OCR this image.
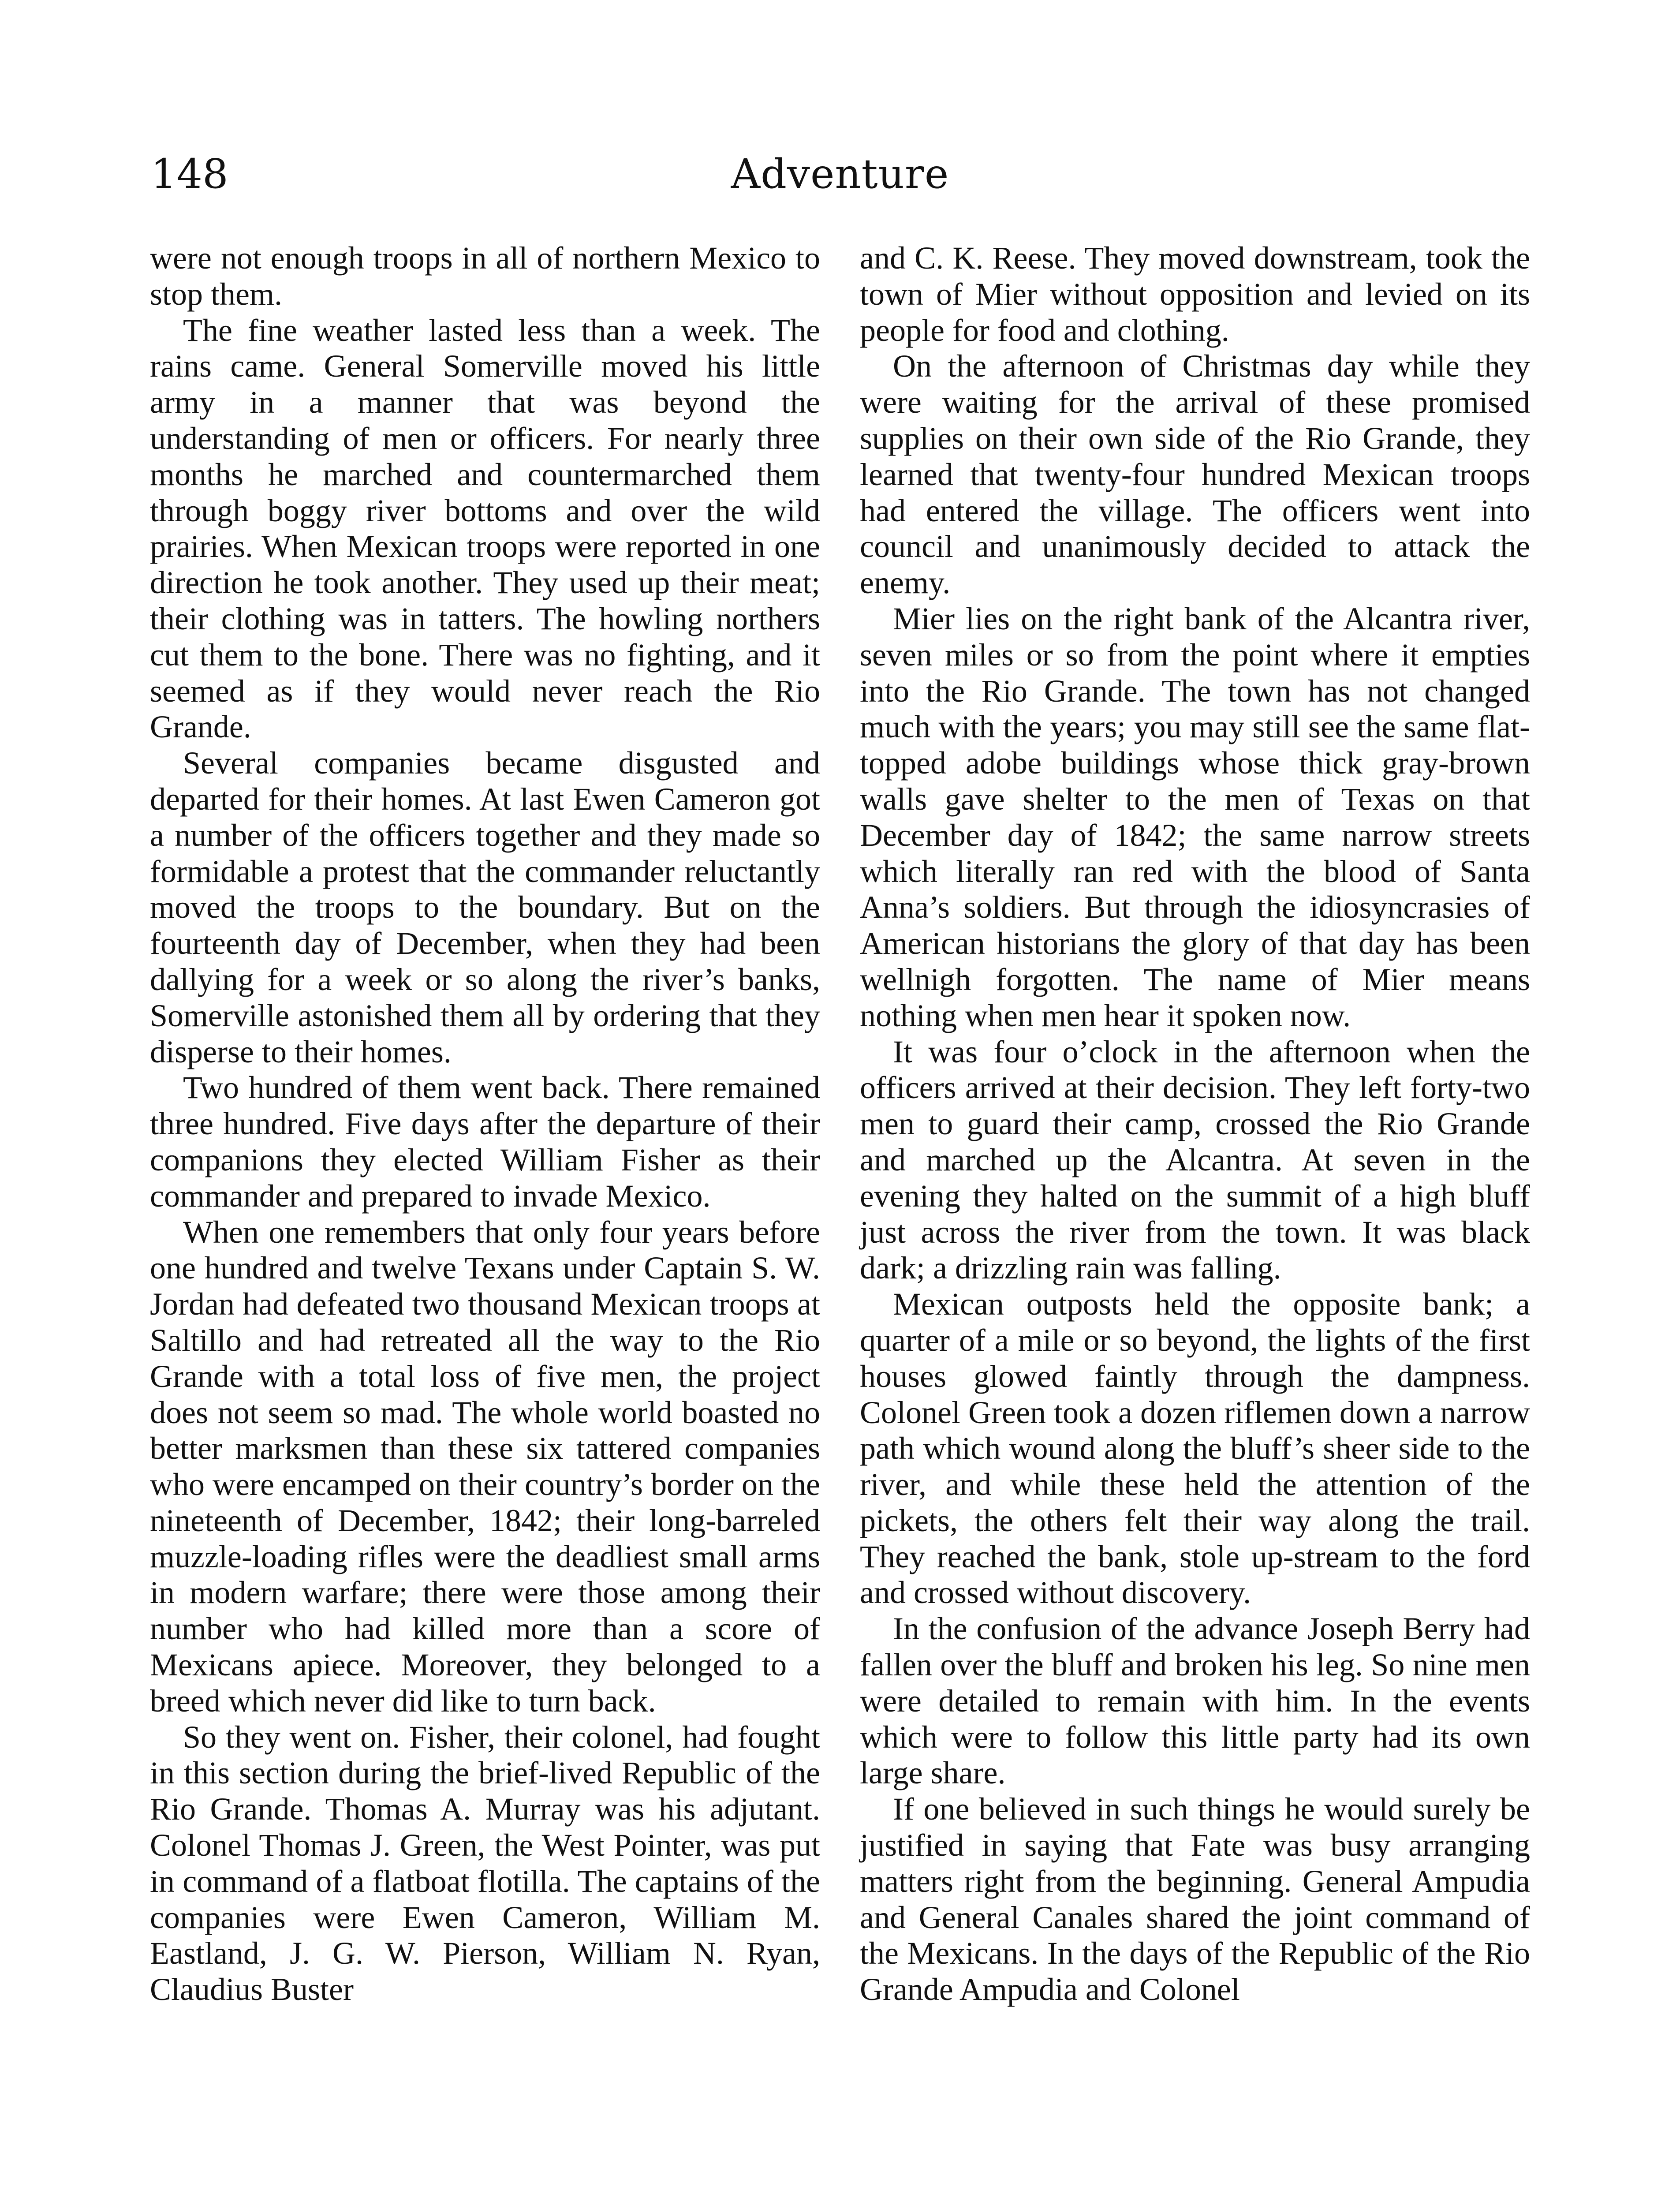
148	Adventure

were not enough troops in all of northern Mexico to stop them.

The fine weather lasted less than a week. The rains came. General Somerville moved his little army in a manner that was beyond the understanding of men or officers. For nearly three months he marched and countermarched them through boggy river bottoms and over the wild prairies. When Mexican troops were reported in one direction he took another. They used up their meat; their clothing was in tatters. The howling northers cut them to the bone. There was no fighting, and it seemed as if they would never reach the Rio Grande.

Several companies became disgusted and departed for their homes. At last Ewen Cameron got a number of the officers together and they made so formidable a protest that the commander reluctantly moved the troops to the boundary. But on the fourteenth day of December, when they had been dallying for a week or so along the river’s banks, Somerville astonished them all by ordering that they disperse to their homes.

Two hundred of them went back. There remained three hundred. Five days after the departure of their companions they elected William Fisher as their commander and prepared to invade Mexico.

When one remembers that only four years before one hundred and twelve Texans under Captain S. W. Jordan had defeated two thousand Mexican troops at Saltillo and had retreated all the way to the Rio Grande with a total loss of five men, the project does not seem so mad. The whole world boasted no better marksmen than these six tattered companies who were encamped on their country’s border on the nineteenth of December, 1842; their long-barreled muzzle-loading rifles were the deadliest small arms in modern warfare; there were those among their number who had killed more than a score of Mexicans apiece. Moreover, they belonged to a breed which never did like to turn back.

So they went on. Fisher, their colonel, had fought in this section during the brief-lived Republic of the Rio Grande. Thomas A. Murray was his adjutant. Colonel Thomas J. Green, the West Pointer, was put in command of a flatboat flotilla. The captains of the companies were Ewen Cameron, William M. Eastland, J. G. W. Pierson, William N. Ryan, Claudius Buster

and C. K. Reese. They moved downstream, took the town of Mier without opposition and levied on its people for food and clothing.

On the afternoon of Christmas day while they were waiting for the arrival of these promised supplies on their own side of the Rio Grande, they learned that twenty-four hundred Mexican troops had entered the village. The officers went into council and unanimously decided to attack the enemy.

Mier lies on the right bank of the Alcantra river, seven miles or so from the point where it empties into the Rio Grande. The town has not changed much with the years; you may still see the same flat-topped adobe buildings whose thick gray-brown walls gave shelter to the men of Texas on that December day of 1842; the same narrow streets which literally ran red with the blood of Santa Anna’s soldiers. But through the idiosyncrasies of American historians the glory of that day has been wellnigh forgotten. The name of Mier means nothing when men hear it spoken now.

It was four o’clock in the afternoon when the officers arrived at their decision. They left forty-two men to guard their camp, crossed the Rio Grande and marched up the Alcantra. At seven in the evening they halted on the summit of a high bluff just across the river from the town. It was black dark; a drizzling rain was falling.

Mexican outposts held the opposite bank; a quarter of a mile or so beyond, the lights of the first houses glowed faintly through the dampness. Colonel Green took a dozen riflemen down a narrow path which wound along the bluff’s sheer side to the river, and while these held the attention of the pickets, the others felt their way along the trail. They reached the bank, stole up-stream to the ford and crossed without discovery.

In the confusion of the advance Joseph Berry had fallen over the bluff and broken his leg. So nine men were detailed to remain with him. In the events which were to follow this little party had its own large share.

If one believed in such things he would surely be justified in saying that Fate was busy arranging matters right from the beginning. General Ampudia and General Canales shared the joint command of the Mexicans. In the days of the Republic of the Rio Grande Ampudia and Colonel
